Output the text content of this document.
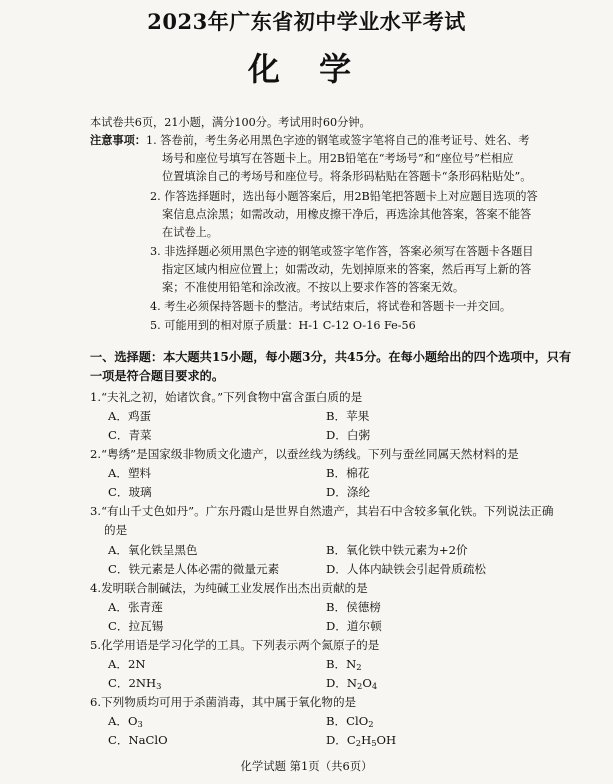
2023年广东省初中学业水平考试
化 学
本试卷共6页，21小题，满分100分。考试用时60分钟。
注意事项：1. 答卷前，考生务必用黑色字迹的钢笔或签字笔将自己的准考证号、姓名、考
场号和座位号填写在答题卡上。用2B铅笔在“考场号”和“座位号”栏相应
位置填涂自己的考场号和座位号。将条形码粘贴在答题卡“条形码粘贴处”。
2. 作答选择题时，选出每小题答案后，用2B铅笔把答题卡上对应题目选项的答
案信息点涂黑；如需改动，用橡皮擦干净后，再选涂其他答案，答案不能答
在试卷上。
3. 非选择题必须用黑色字迹的钢笔或签字笔作答，答案必须写在答题卡各题目
指定区域内相应位置上；如需改动，先划掉原来的答案，然后再写上新的答
案；不准使用铅笔和涂改液。不按以上要求作答的答案无效。
4. 考生必须保持答题卡的整洁。考试结束后，将试卷和答题卡一并交回。
5. 可能用到的相对原子质量：H-1 C-12 O-16 Fe-56
一、选择题：本大题共15小题，每小题3分，共45分。在每小题给出的四个选项中，只有
一项是符合题目要求的。
1.“夫礼之初，始诸饮食。”下列食物中富含蛋白质的是
A．鸡蛋	B．苹果
C．青菜	D．白粥
2.“粤绣”是国家级非物质文化遗产，以蚕丝线为绣线。下列与蚕丝同属天然材料的是
A．塑料	B．棉花
C．玻璃	D．涤纶
3.“有山千丈色如丹”。广东丹霞山是世界自然遗产，其岩石中含较多氧化铁。下列说法正确
的是
A．氧化铁呈黑色	B．氧化铁中铁元素为+2价
C．铁元素是人体必需的微量元素	D．人体内缺铁会引起骨质疏松
4.发明联合制碱法，为纯碱工业发展作出杰出贡献的是
A．张青莲	B．侯德榜
C．拉瓦锡	D．道尔顿
5.化学用语是学习化学的工具。下列表示两个氮原子的是
A．2N	B．$N_2$
C．$2NH_3$	D．$N_2O_4$
6.下列物质均可用于杀菌消毒，其中属于氧化物的是
A．$O_3$	B．ClO$_2$
C．NaClO	D．$C_2H_5OH$
化学试题 第1页（共6页）
